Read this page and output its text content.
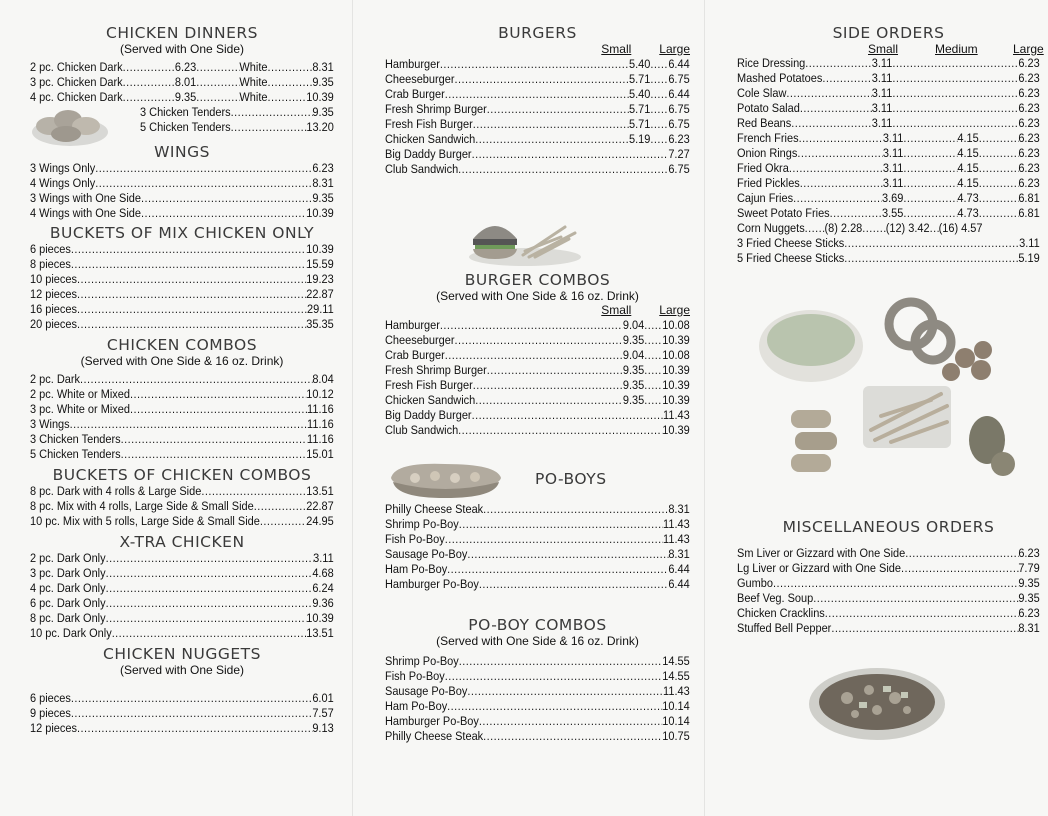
CHICKEN DINNERS
(Served with One Side)
2 pc. Chicken Dark .....	6.23 .....	White .....	8.31
3 pc. Chicken Dark .....	8.01 .....	White .....	9.35
4 pc. Chicken Dark .....	9.35 .....	White .....	10.39
3 Chicken Tenders .....	9.35
5 Chicken Tenders .....	13.20
WINGS
3 Wings Only .....	6.23
4 Wings Only .....	8.31
3 Wings with One Side .....	9.35
4 Wings with One Side .....	10.39
BUCKETS OF MIX CHICKEN ONLY
6 pieces .....	10.39
8 pieces .....	15.59
10 pieces .....	19.23
12 pieces .....	22.87
16 pieces .....	29.11
20 pieces .....	35.35
CHICKEN COMBOS
(Served with One Side & 16 oz. Drink)
2 pc. Dark .....	8.04
2 pc. White or Mixed .....	10.12
3 pc. White or Mixed .....	11.16
3 Wings .....	11.16
3 Chicken Tenders .....	11.16
5 Chicken Tenders .....	15.01
BUCKETS OF CHICKEN COMBOS
8 pc. Dark with 4 rolls & Large Side .....	13.51
8 pc. Mix with 4 rolls, Large Side & Small Side .....	22.87
10 pc. Mix with 5 rolls, Large Side & Small Side .....	24.95
X-TRA CHICKEN
2 pc. Dark Only .....	3.11
3 pc. Dark Only .....	4.68
4 pc. Dark Only .....	6.24
6 pc. Dark Only .....	9.36
8 pc. Dark Only .....	10.39
10 pc. Dark Only .....	13.51
CHICKEN NUGGETS
(Served with One Side)
6 pieces .....	6.01
9 pieces .....	7.57
12 pieces .....	9.13
BURGERS
Small Large
Hamburger .....	5.40 ..... 6.44
Cheeseburger .....	5.71 ..... 6.75
Crab Burger .....	5.40 ..... 6.44
Fresh Shrimp Burger .....	5.71 ..... 6.75
Fresh Fish Burger .....	5.71 ..... 6.75
Chicken Sandwich .....	5.19 ..... 6.23
Big Daddy Burger .....	7.27
Club Sandwich .....	6.75
BURGER COMBOS
(Served with One Side & 16 oz. Drink)
Small Large
Hamburger .....	9.04 ..... 10.08
Cheeseburger .....	9.35 ..... 10.39
Crab Burger .....	9.04 ..... 10.08
Fresh Shrimp Burger .....	9.35 ..... 10.39
Fresh Fish Burger .....	9.35 ..... 10.39
Chicken Sandwich .....	9.35 ..... 10.39
Big Daddy Burger .....	11.43
Club Sandwich .....	10.39
PO-BOYS
Philly Cheese Steak .....	8.31
Shrimp Po-Boy .....	11.43
Fish Po-Boy .....	11.43
Sausage Po-Boy .....	8.31
Ham Po-Boy .....	6.44
Hamburger Po-Boy .....	6.44
PO-BOY COMBOS
(Served with One Side & 16 oz. Drink)
Shrimp Po-Boy .....	14.55
Fish Po-Boy .....	14.55
Sausage Po-Boy .....	11.43
Ham Po-Boy .....	10.14
Hamburger Po-Boy .....	10.14
Philly Cheese Steak .....	10.75
SIDE ORDERS
Small	Medium	Large
Rice Dressing .....	3.11 .....	6.23
Mashed Potatoes .....	3.11 .....	6.23
Cole Slaw .....	3.11 .....	6.23
Potato Salad .....	3.11 .....	6.23
Red Beans .....	3.11 .....	6.23
French Fries .....	3.11 .....	4.15 .....	6.23
Onion Rings .....	3.11 .....	4.15 .....	6.23
Fried Okra .....	3.11 .....	4.15 .....	6.23
Fried Pickles .....	3.11 .....	4.15 .....	6.23
Cajun Fries .....	3.69 .....	4.73 .....	6.81
Sweet Potato Fries .....	3.55 .....	4.73 .....	6.81
Corn Nuggets ..... (8) 2.28 ..... (12) 3.42 ..... (16) 4.57
3 Fried Cheese Sticks .....	3.11
5 Fried Cheese Sticks .....	5.19
MISCELLANEOUS ORDERS
Sm Liver or Gizzard with One Side .....	6.23
Lg Liver or Gizzard with One Side .....	7.79
Gumbo .....	9.35
Beef Veg. Soup .....	9.35
Chicken Cracklins .....	6.23
Stuffed Bell Pepper .....	8.31
